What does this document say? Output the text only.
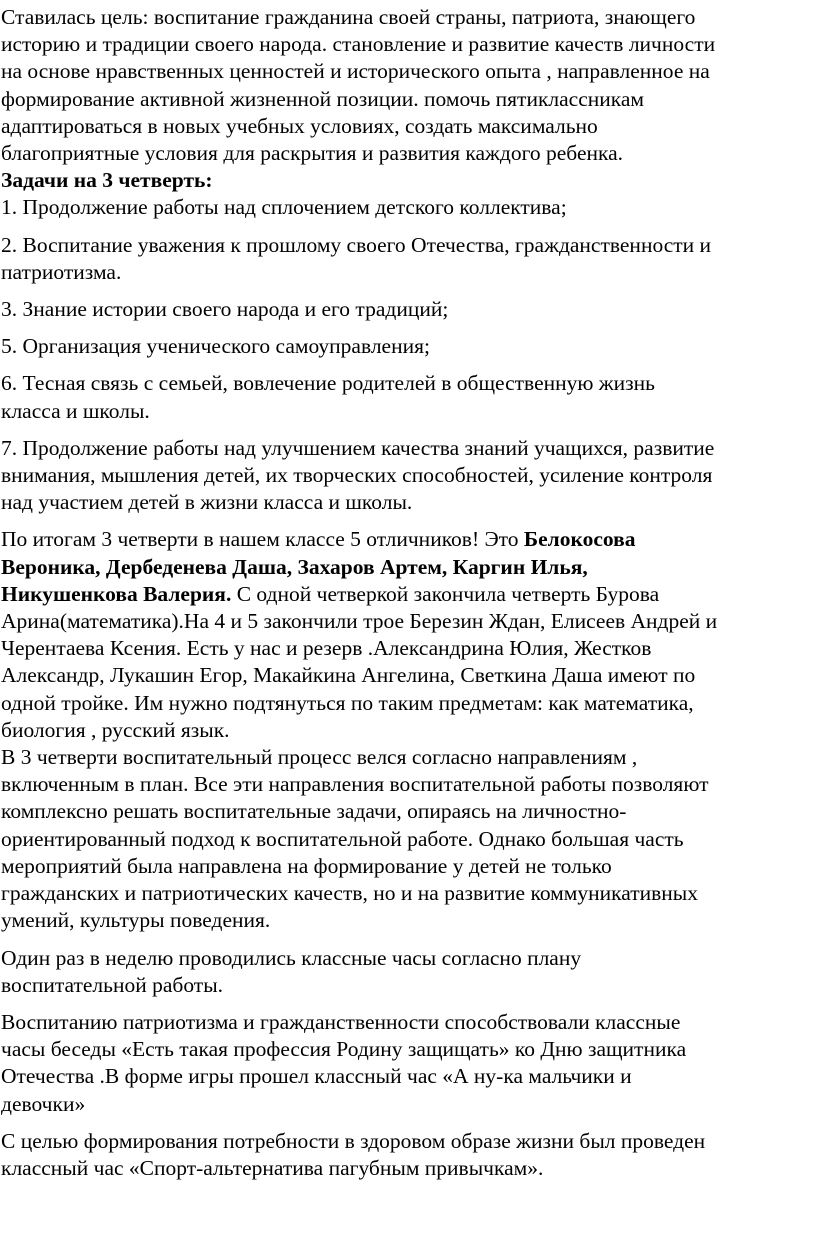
Ставилась цель: воспитание гражданина своей страны, патриота, знающего
историю и традиции своего народа. становление и развитие качеств личности
на основе нравственных ценностей и исторического опыта , направленное на
формирование активной жизненной позиции. помочь пятиклассникам
адаптироваться в новых учебных условиях, создать максимально
благоприятные условия для раскрытия и развития каждого ребенка.
Задачи на 3 четверть:
1. Продолжение работы над сплочением детского коллектива;
2. Воспитание уважения к прошлому своего Отечества, гражданственности и
патриотизма.
3. Знание истории своего народа и его традиций;
5. Организация ученического самоуправления;
6. Тесная связь с семьей, вовлечение родителей в общественную жизнь
класса и школы.
7. Продолжение работы над улучшением качества знаний учащихся, развитие
внимания, мышления детей, их творческих способностей, усиление контроля
над участием детей в жизни класса и школы.
По итогам 3 четверти в нашем классе 5 отличников! Это Белокосова
Вероника, Дербеденева Даша, Захаров Артем, Каргин Илья,
Никушенкова Валерия. С одной четверкой закончила четверть Бурова
Арина(математика).На 4 и 5 закончили трое Березин Ждан, Елисеев Андрей и
Черентаева Ксения. Есть у нас и резерв .Александрина Юлия, Жестков
Александр, Лукашин Егор, Макайкина Ангелина, Светкина Даша имеют по
одной тройке. Им нужно подтянуться по таким предметам: как математика,
биология , русский язык.
В 3 четверти воспитательный процесс велся согласно направлениям ,
включенным в план. Все эти направления воспитательной работы позволяют
комплексно решать воспитательные задачи, опираясь на личностно-
ориентированный подход к воспитательной работе. Однако большая часть
мероприятий была направлена на формирование у детей не только
гражданских и патриотических качеств, но и на развитие коммуникативных
умений, культуры поведения.
Один раз в неделю проводились классные часы согласно плану
воспитательной работы.
Воспитанию патриотизма и гражданственности способствовали классные
часы беседы «Есть такая профессия Родину защищать» ко Дню защитника
Отечества .В форме игры прошел классный час «А ну-ка мальчики и
девочки»
С целью формирования потребности в здоровом образе жизни был проведен
классный час «Спорт-альтернатива пагубным привычкам».
